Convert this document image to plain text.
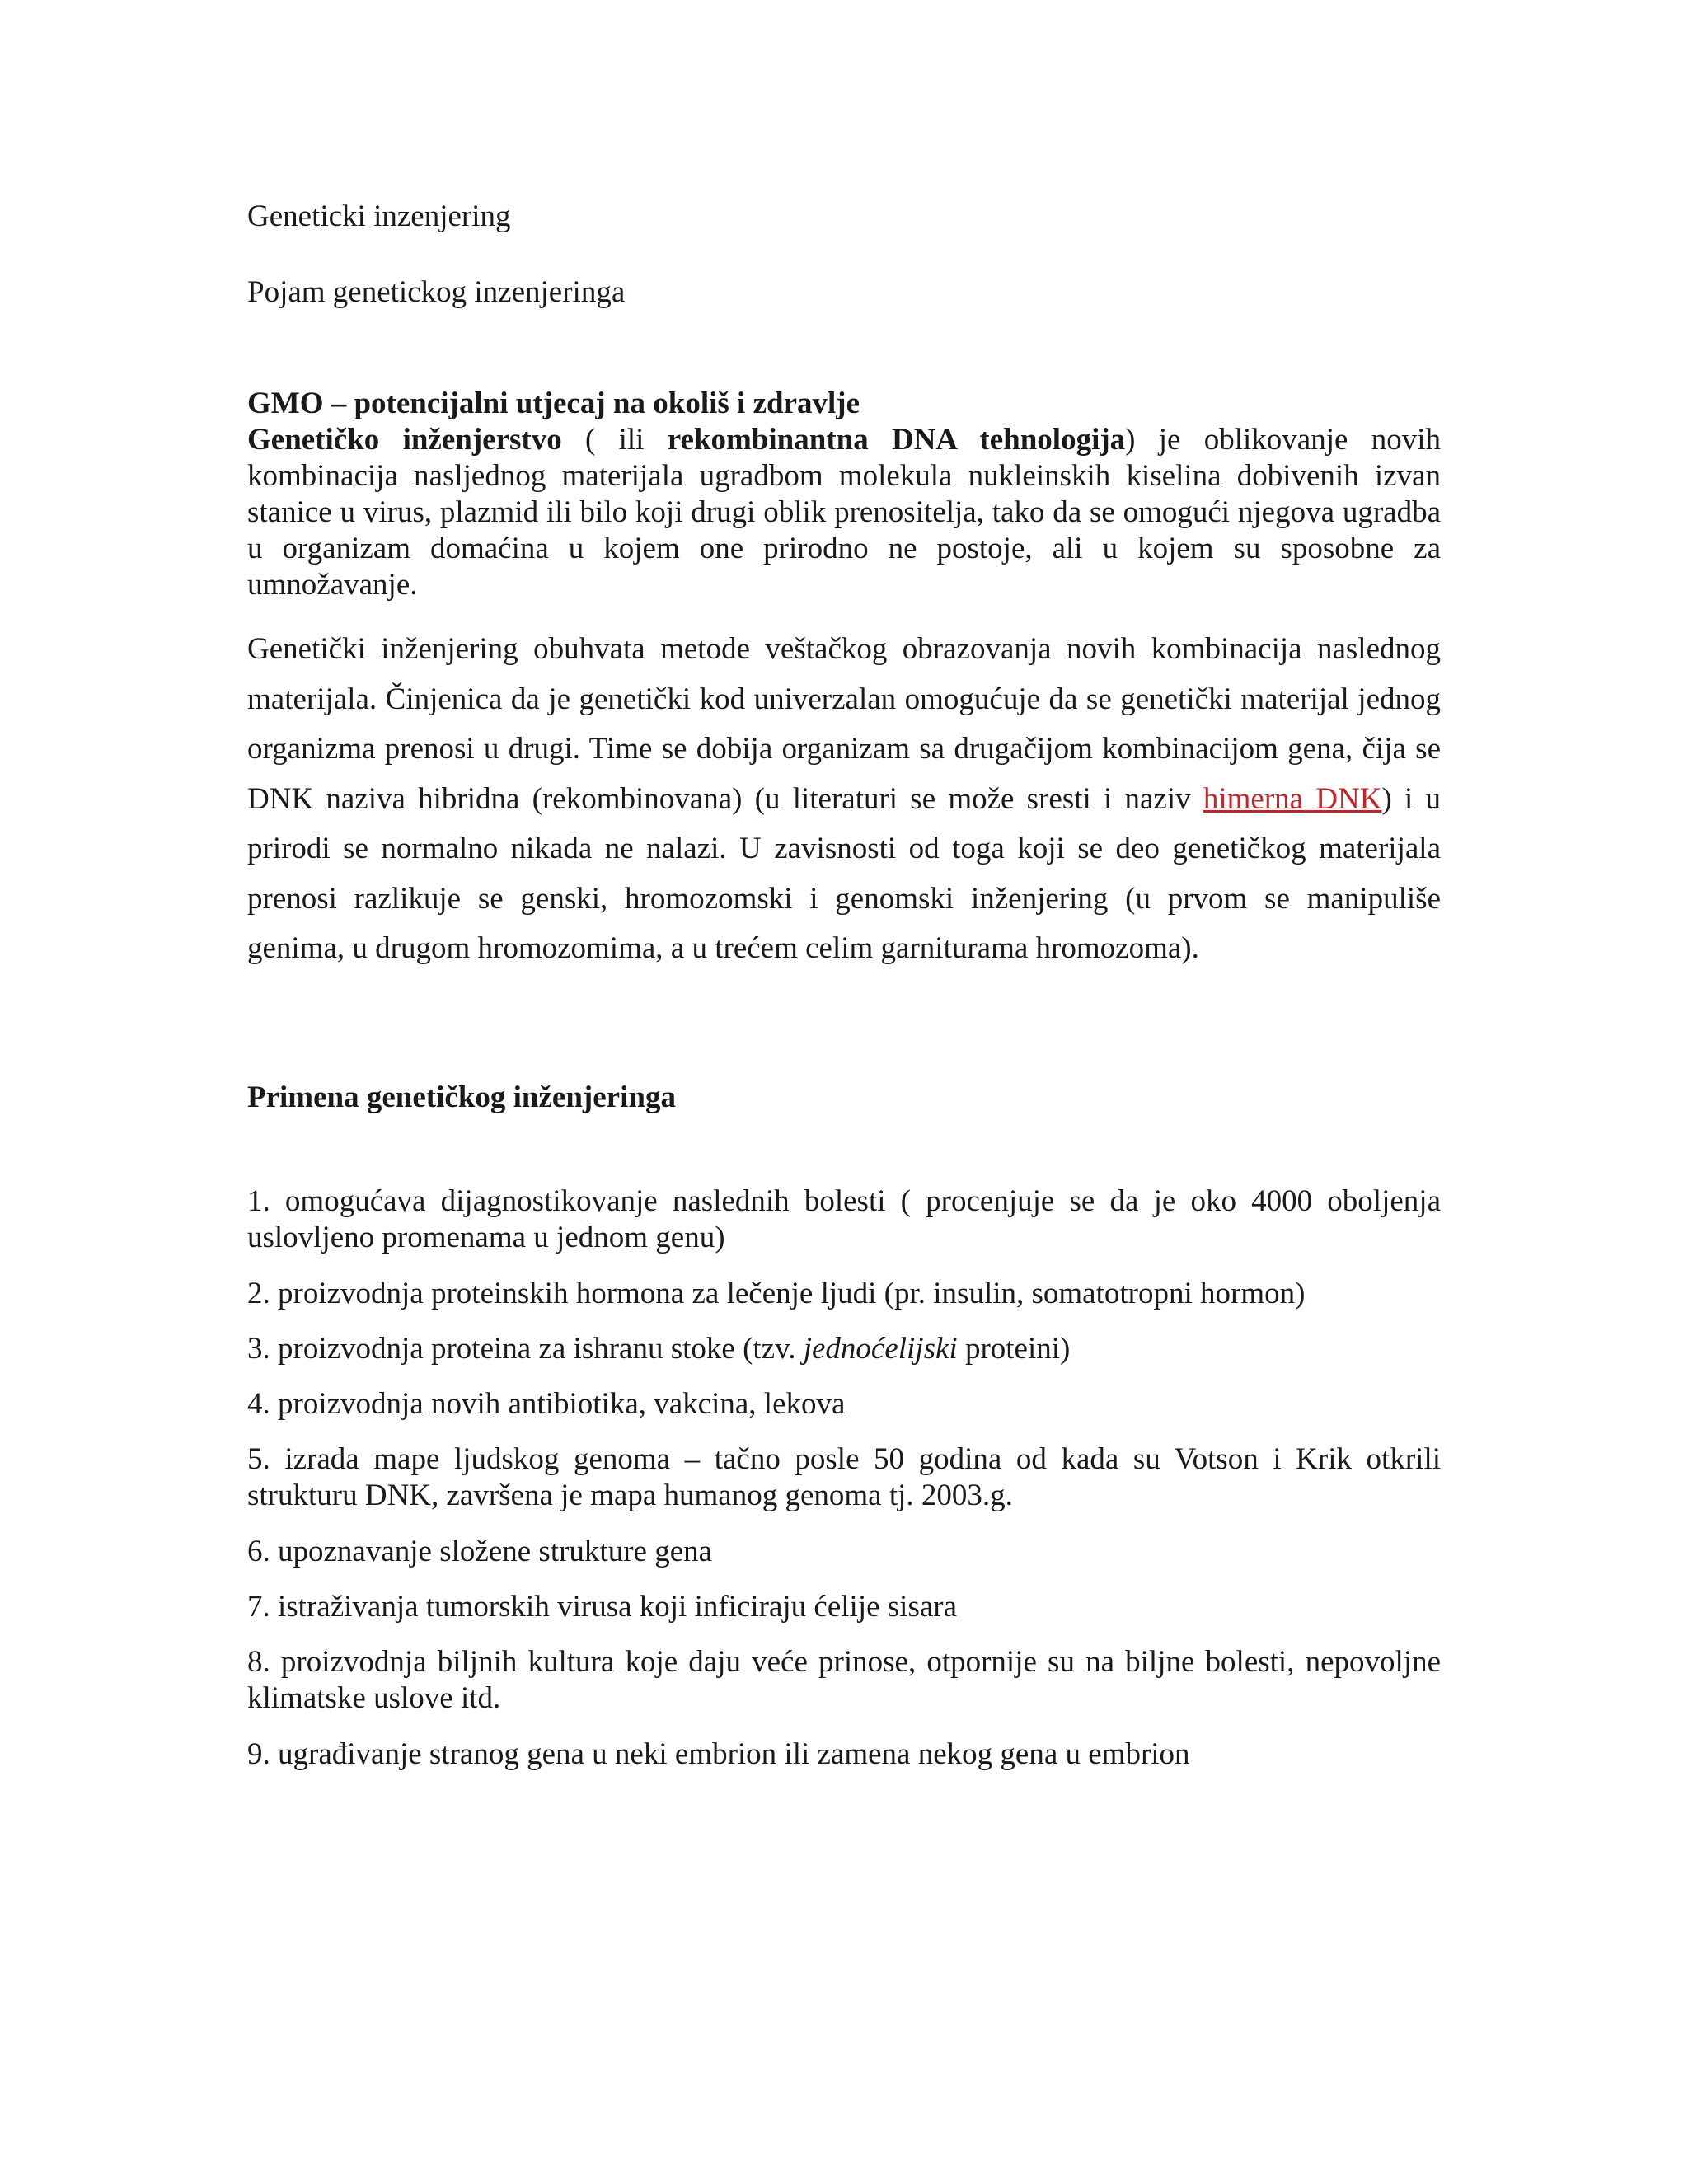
Geneticki inzenjering
Pojam genetickog inzenjeringa
GMO – potencijalni utjecaj na okoliš i zdravlje
Genetičko inženjerstvo ( ili rekombinantna DNA tehnologija) je oblikovanje novih kombinacija nasljednog materijala ugradbom molekula nukleinskih kiselina dobivenih izvan stanice u virus, plazmid ili bilo koji drugi oblik prenositelja, tako da se omogući njegova ugradba u organizam domaćina u kojem one prirodno ne postoje, ali u kojem su sposobne za umnožavanje.
Genetički inženjering obuhvata metode veštačkog obrazovanja novih kombinacija naslednog materijala. Činjenica da je genetički kod univerzalan omogućuje da se genetički materijal jednog organizma prenosi u drugi. Time se dobija organizam sa drugačijom kombinacijom gena, čija se DNK naziva hibridna (rekombinovana) (u literaturi se može sresti i naziv himerna DNK) i u prirodi se normalno nikada ne nalazi. U zavisnosti od toga koji se deo genetičkog materijala prenosi razlikuje se genski, hromozomski i genomski inženjering (u prvom se manipuliše genima, u drugom hromozomima, a u trećem celim garniturama hromozoma).
Primena genetičkog inženjeringa
1. omogućava dijagnostikovanje naslednih bolesti ( procenjuje se da je oko 4000 oboljenja uslovljeno promenama u jednom genu)
2. proizvodnja proteinskih hormona za lečenje ljudi (pr. insulin, somatotropni hormon)
3. proizvodnja proteina za ishranu stoke (tzv. jednoćelijski proteini)
4. proizvodnja novih antibiotika, vakcina, lekova
5. izrada mape ljudskog genoma – tačno posle 50 godina od kada su Votson i Krik otkrili strukturu DNK, završena je mapa humanog genoma tj. 2003.g.
6. upoznavanje složene strukture gena
7. istraživanja tumorskih virusa koji inficiraju ćelije sisara
8. proizvodnja biljnih kultura koje daju veće prinose, otpornije su na biljne bolesti, nepovoljne klimatske uslove itd.
9. ugrađivanje stranog gena u neki embrion ili zamena nekog gena u embrion
